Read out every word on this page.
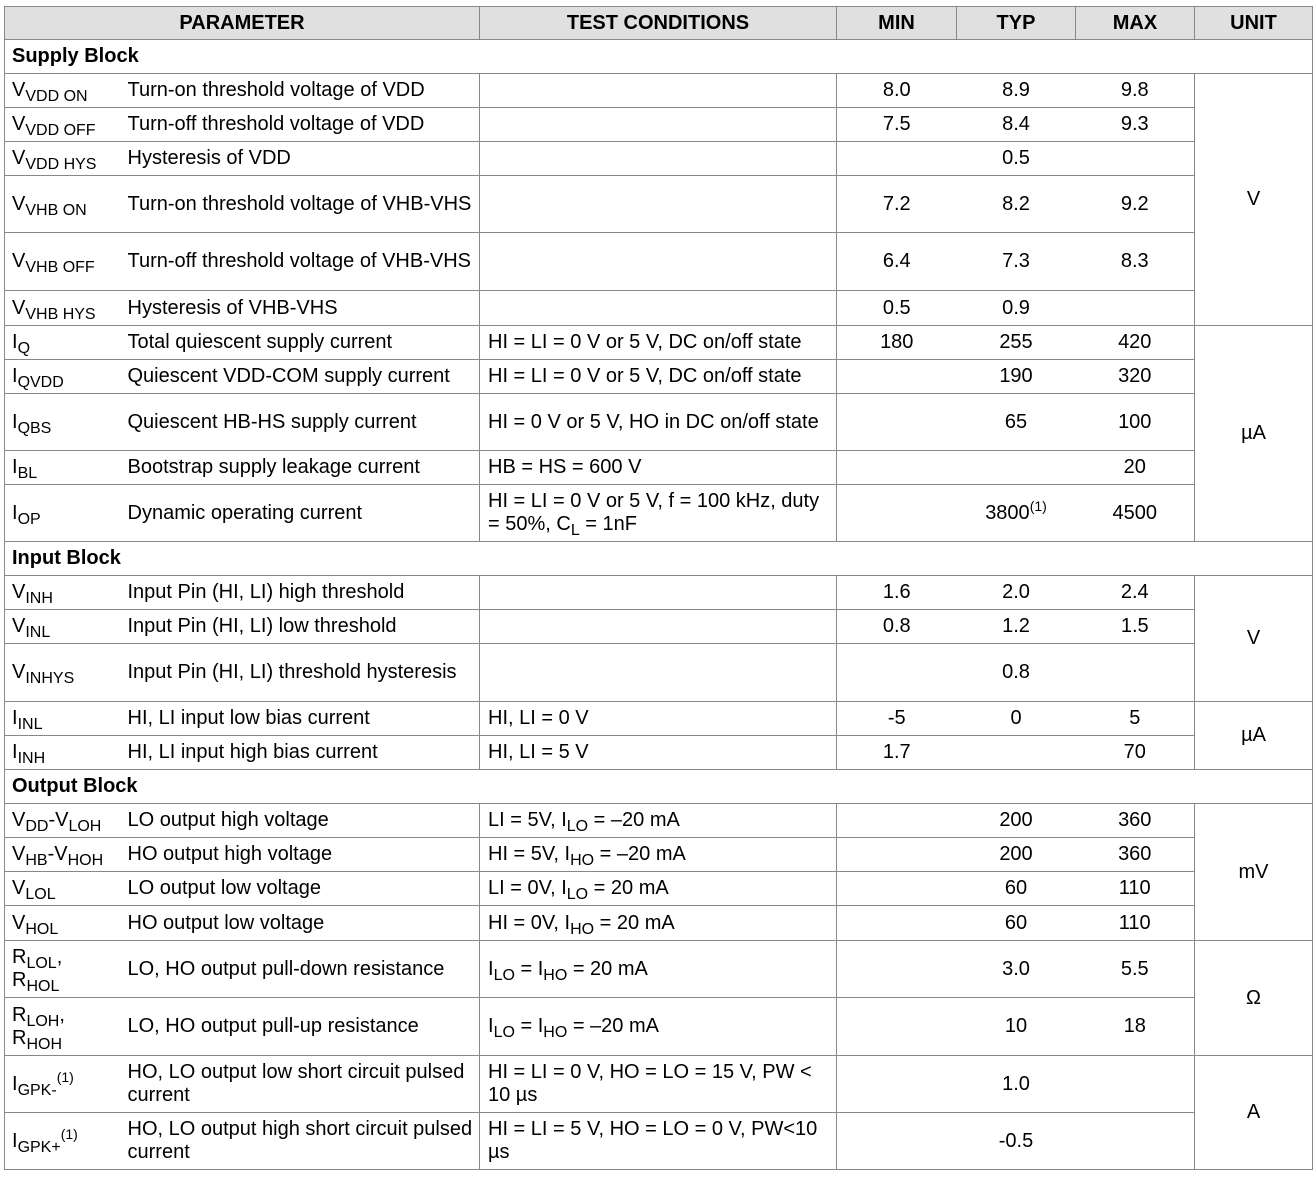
PARAMETER		TEST CONDITIONS	MIN	TYP	MAX	UNIT
Supply Block						
$V_{VDD ON}$	Turn-on threshold voltage of VDD		8.0	8.9	9.8	V
$V_{VDD OFF}$	Turn-off threshold voltage of VDD		7.5	8.4	9.3	
$V_{VDD HYS}$	Hysteresis of VDD			0.5		
$V_{VHB ON}$	Turn-on threshold voltage of VHB-VHS		7.2	8.2	9.2	
$V_{VHB OFF}$	Turn-off threshold voltage of VHB-VHS		6.4	7.3	8.3	
$V_{VHB HYS}$	Hysteresis of VHB-VHS		0.5	0.9		
$I_Q$	Total quiescent supply current	HI = LI = 0 V or 5 V, DC on/off state	180	255	420	µA
$I_{QVDD}$	Quiescent VDD-COM supply current	HI = LI = 0 V or 5 V, DC on/off state		190	320	
$I_{QBS}$	Quiescent HB-HS supply current	HI = 0 V or 5 V, HO in DC on/off state		65	100	
$I_{BL}$	Bootstrap supply leakage current	HB = HS = 600 V			20	
$I_{OP}$	Dynamic operating current	HI = LI = 0 V or 5 V, f = 100 kHz, duty = 50%, $C_L = 1nF$		3800$^{(1)}$	4500	
Input Block						
$V_{INH}$	Input Pin (HI, LI) high threshold		1.6	2.0	2.4	V
$V_{INL}$	Input Pin (HI, LI) low threshold		0.8	1.2	1.5	
$V_{INHYS}$	Input Pin (HI, LI) threshold hysteresis			0.8		
$I_{INL}$	HI, LI input low bias current	HI, LI = 0 V	-5	0	5	µA
$I_{INH}$	HI, LI input high bias current	HI, LI = 5 V	1.7		70	
Output Block						
$V_{DD}-V_{LOH}$	LO output high voltage	LI = 5V, $I_{LO} = -20$ mA		200	360	mV
$V_{HB}-V_{HOH}$	HO output high voltage	HI = 5V, $I_{HO} = -20$ mA		200	360	
$V_{LOL}$	LO output low voltage	LI = 0V, $I_{LO} = 20$ mA		60	110	
$V_{HOL}$	HO output low voltage	HI = 0V, $I_{HO} = 20$ mA		60	110	
$R_{LOL}$,
$R_{HOL}$	LO, HO output pull-down resistance	$I_{LO} = I_{HO} = 20$ mA		3.0	5.5	Ω
$R_{LOH}$,
$R_{HOH}$	LO, HO output pull-up resistance	$I_{LO} = I_{HO} = -20$ mA		10	18	
$I_{GPK-}^{(1)}$	HO, LO output low short circuit pulsed current	HI = LI = 0 V, HO = LO = 15 V, PW < 10 µs		1.0		A
$I_{GPK+}^{(1)}$	HO, LO output high short circuit pulsed current	HI = LI = 5 V, HO = LO = 0 V, PW<10 µs		-0.5		
